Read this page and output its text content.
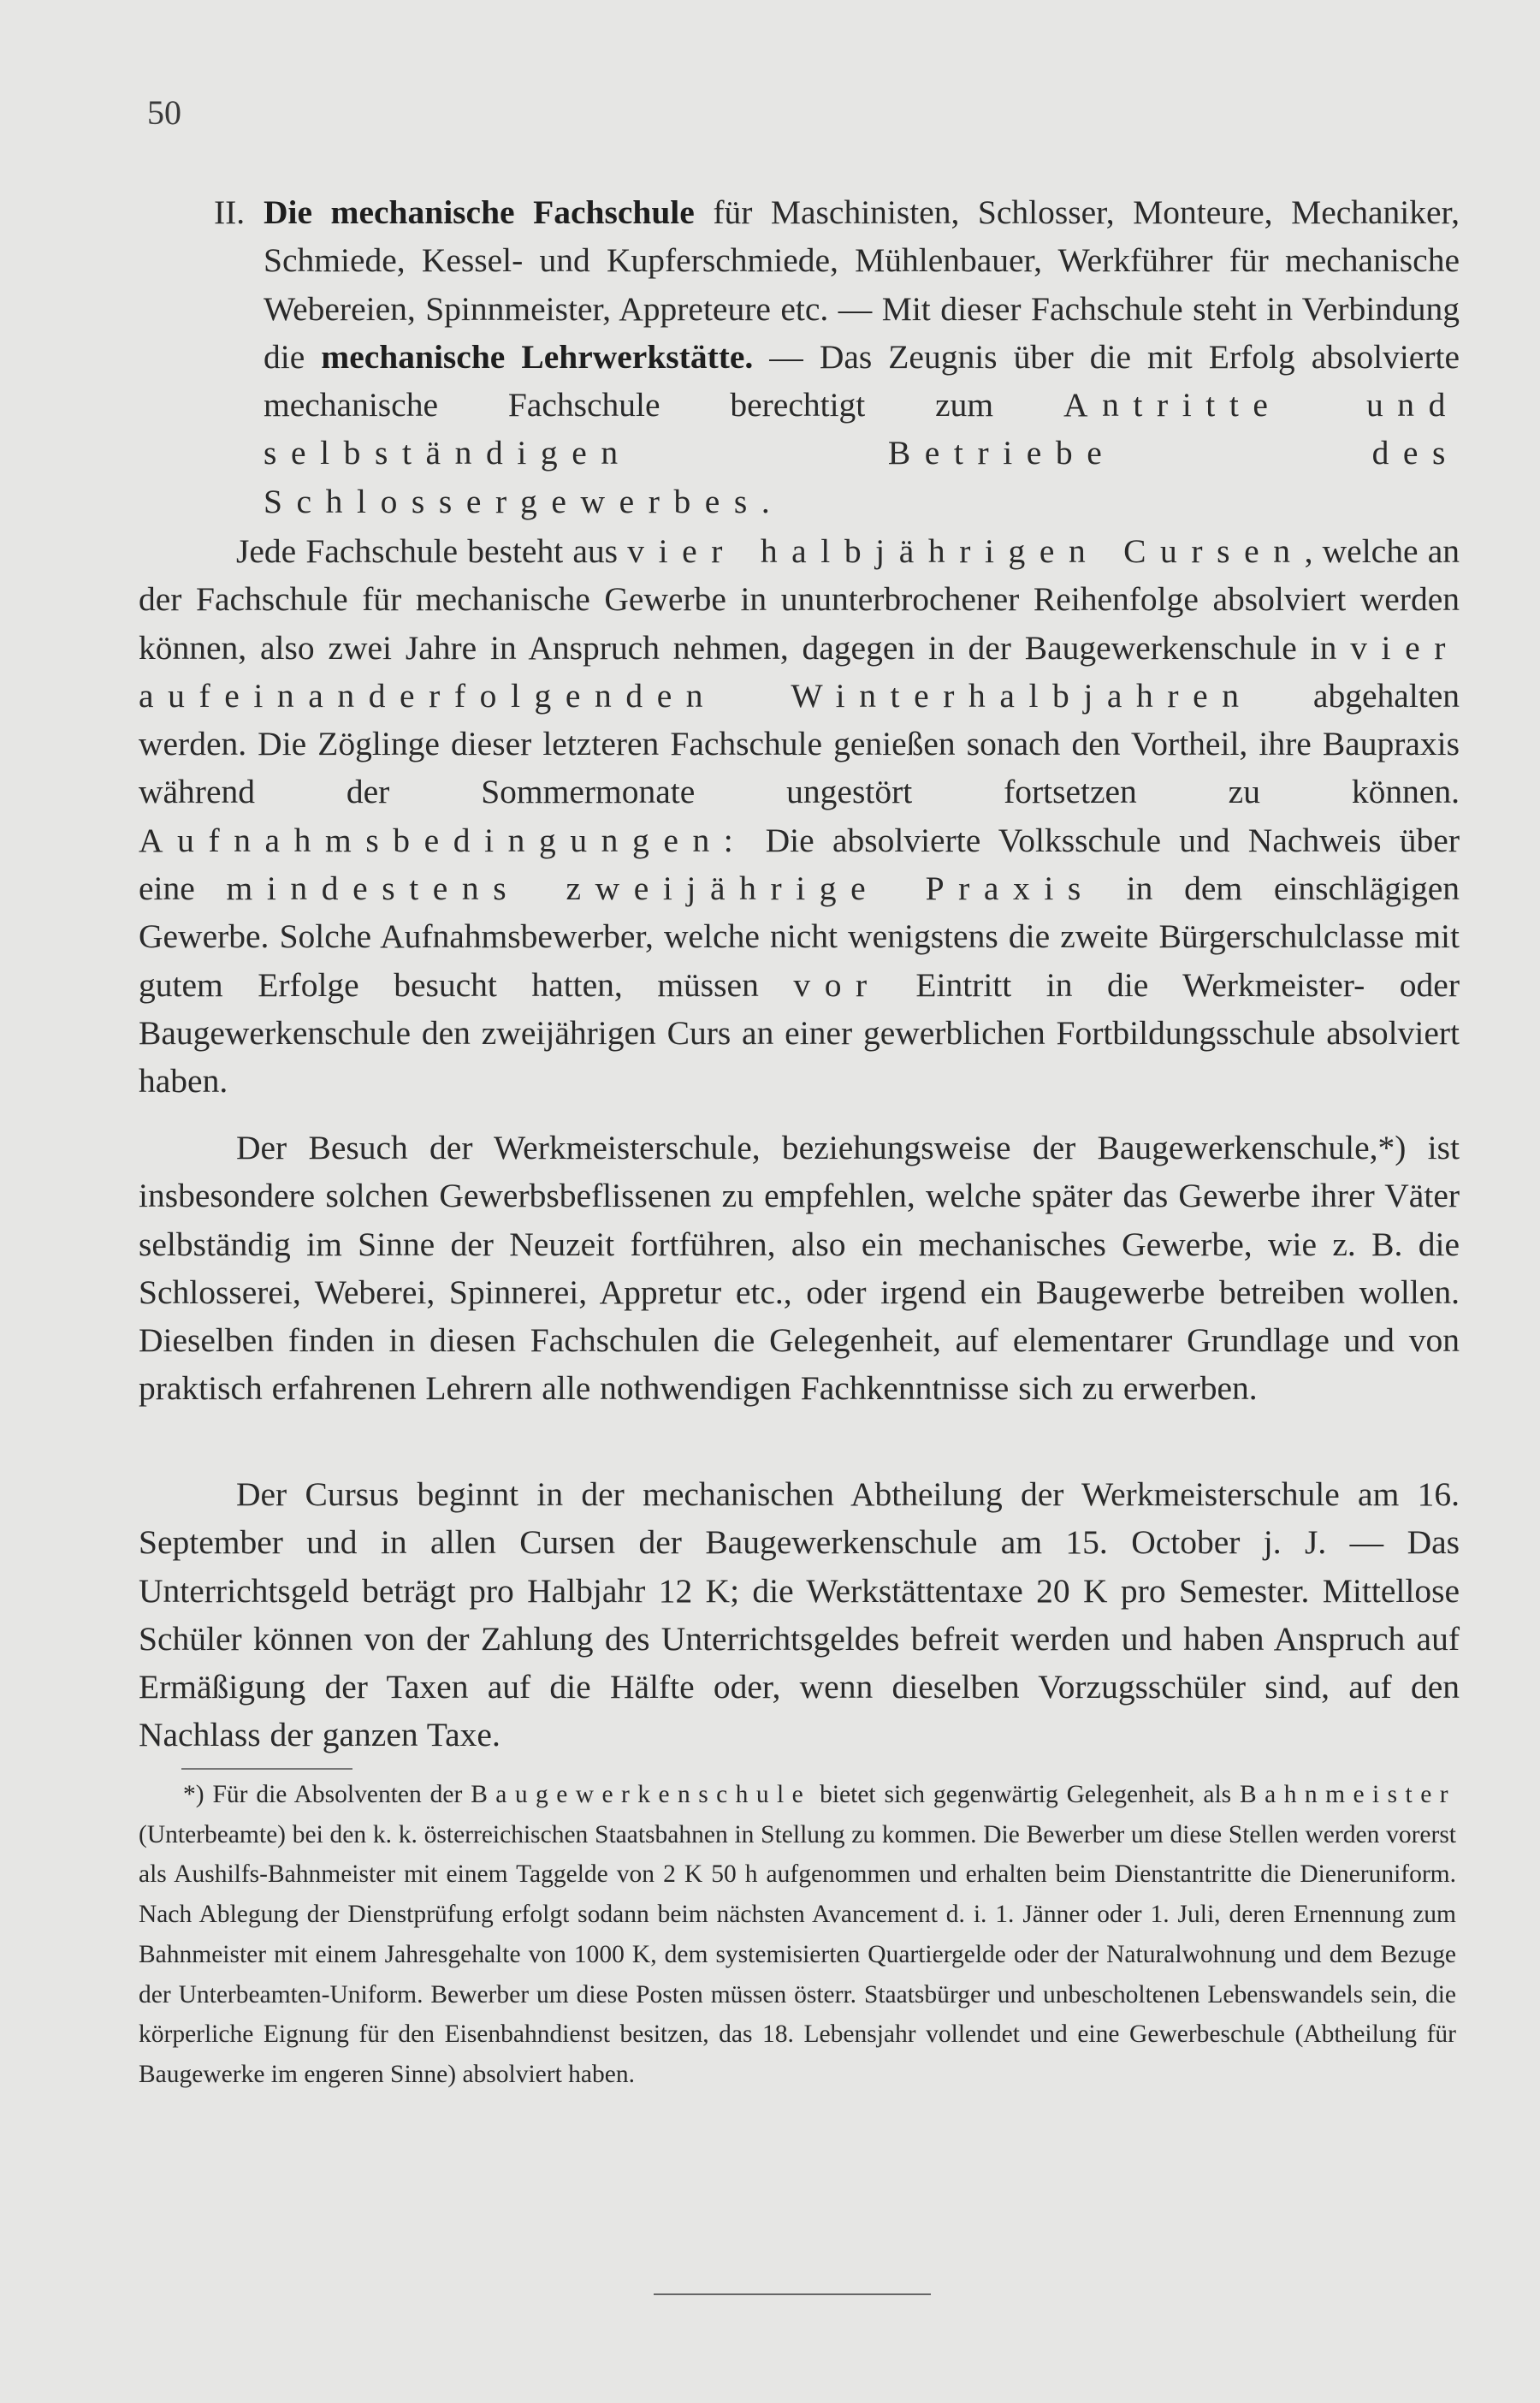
50
II. Die mechanische Fachschule für Maschinisten, Schlosser, Monteure, Mechaniker, Schmiede, Kessel- und Kupferschmiede, Mühlenbauer, Werkführer für mechanische Webereien, Spinnmeister, Appreteure etc. — Mit dieser Fachschule steht in Verbindung die mechanische Lehrwerkstätte. — Das Zeugnis über die mit Erfolg absolvierte mechanische Fachschule berechtigt zum Antritte und selbständigen Betriebe des Schlossergewerbes.
Jede Fachschule besteht aus vier halbjährigen Cursen, welche an der Fachschule für mechanische Gewerbe in ununterbrochener Reihenfolge absolviert werden können, also zwei Jahre in Anspruch nehmen, dagegen in der Baugewerkenschule in vier aufeinanderfolgenden Winterhalbjahren abgehalten werden. Die Zöglinge dieser letzteren Fachschule genießen sonach den Vortheil, ihre Baupraxis während der Sommermonate ungestört fortsetzen zu können. Aufnahmsbedingungen: Die absolvierte Volksschule und Nachweis über eine mindestens zweijährige Praxis in dem einschlägigen Gewerbe. Solche Aufnahmsbewerber, welche nicht wenigstens die zweite Bürgerschulclasse mit gutem Erfolge besucht hatten, müssen vor Eintritt in die Werkmeister- oder Baugewerkenschule den zweijährigen Curs an einer gewerblichen Fortbildungsschule absolviert haben.
Der Besuch der Werkmeisterschule, beziehungsweise der Baugewerkenschule,*) ist insbesondere solchen Gewerbsbeflissenen zu empfehlen, welche später das Gewerbe ihrer Väter selbständig im Sinne der Neuzeit fortführen, also ein mechanisches Gewerbe, wie z. B. die Schlosserei, Weberei, Spinnerei, Appretur etc., oder irgend ein Baugewerbe betreiben wollen. Dieselben finden in diesen Fachschulen die Gelegenheit, auf elementarer Grundlage und von praktisch erfahrenen Lehrern alle nothwendigen Fachkenntnisse sich zu erwerben.
Der Cursus beginnt in der mechanischen Abtheilung der Werkmeisterschule am 16. September und in allen Cursen der Baugewerkenschule am 15. October j. J. — Das Unterrichtsgeld beträgt pro Halbjahr 12 K; die Werkstättentaxe 20 K pro Semester. Mittellose Schüler können von der Zahlung des Unterrichtsgeldes befreit werden und haben Anspruch auf Ermäßigung der Taxen auf die Hälfte oder, wenn dieselben Vorzugsschüler sind, auf den Nachlass der ganzen Taxe.
*) Für die Absolventen der Baugewerkenschule bietet sich gegenwärtig Gelegenheit, als Bahnmeister (Unterbeamte) bei den k. k. österreichischen Staatsbahnen in Stellung zu kommen. Die Bewerber um diese Stellen werden vorerst als Aushilfs-Bahnmeister mit einem Taggelde von 2 K 50 h aufgenommen und erhalten beim Dienstantritte die Dieneruniform. Nach Ablegung der Dienstprüfung erfolgt sodann beim nächsten Avancement d. i. 1. Jänner oder 1. Juli, deren Ernennung zum Bahnmeister mit einem Jahresgehalte von 1000 K, dem systemisierten Quartiergelde oder der Naturalwohnung und dem Bezuge der Unterbeamten-Uniform. Bewerber um diese Posten müssen österr. Staatsbürger und unbescholtenen Lebenswandels sein, die körperliche Eignung für den Eisenbahndienst besitzen, das 18. Lebensjahr vollendet und eine Gewerbeschule (Abtheilung für Baugewerke im engeren Sinne) absolviert haben.
